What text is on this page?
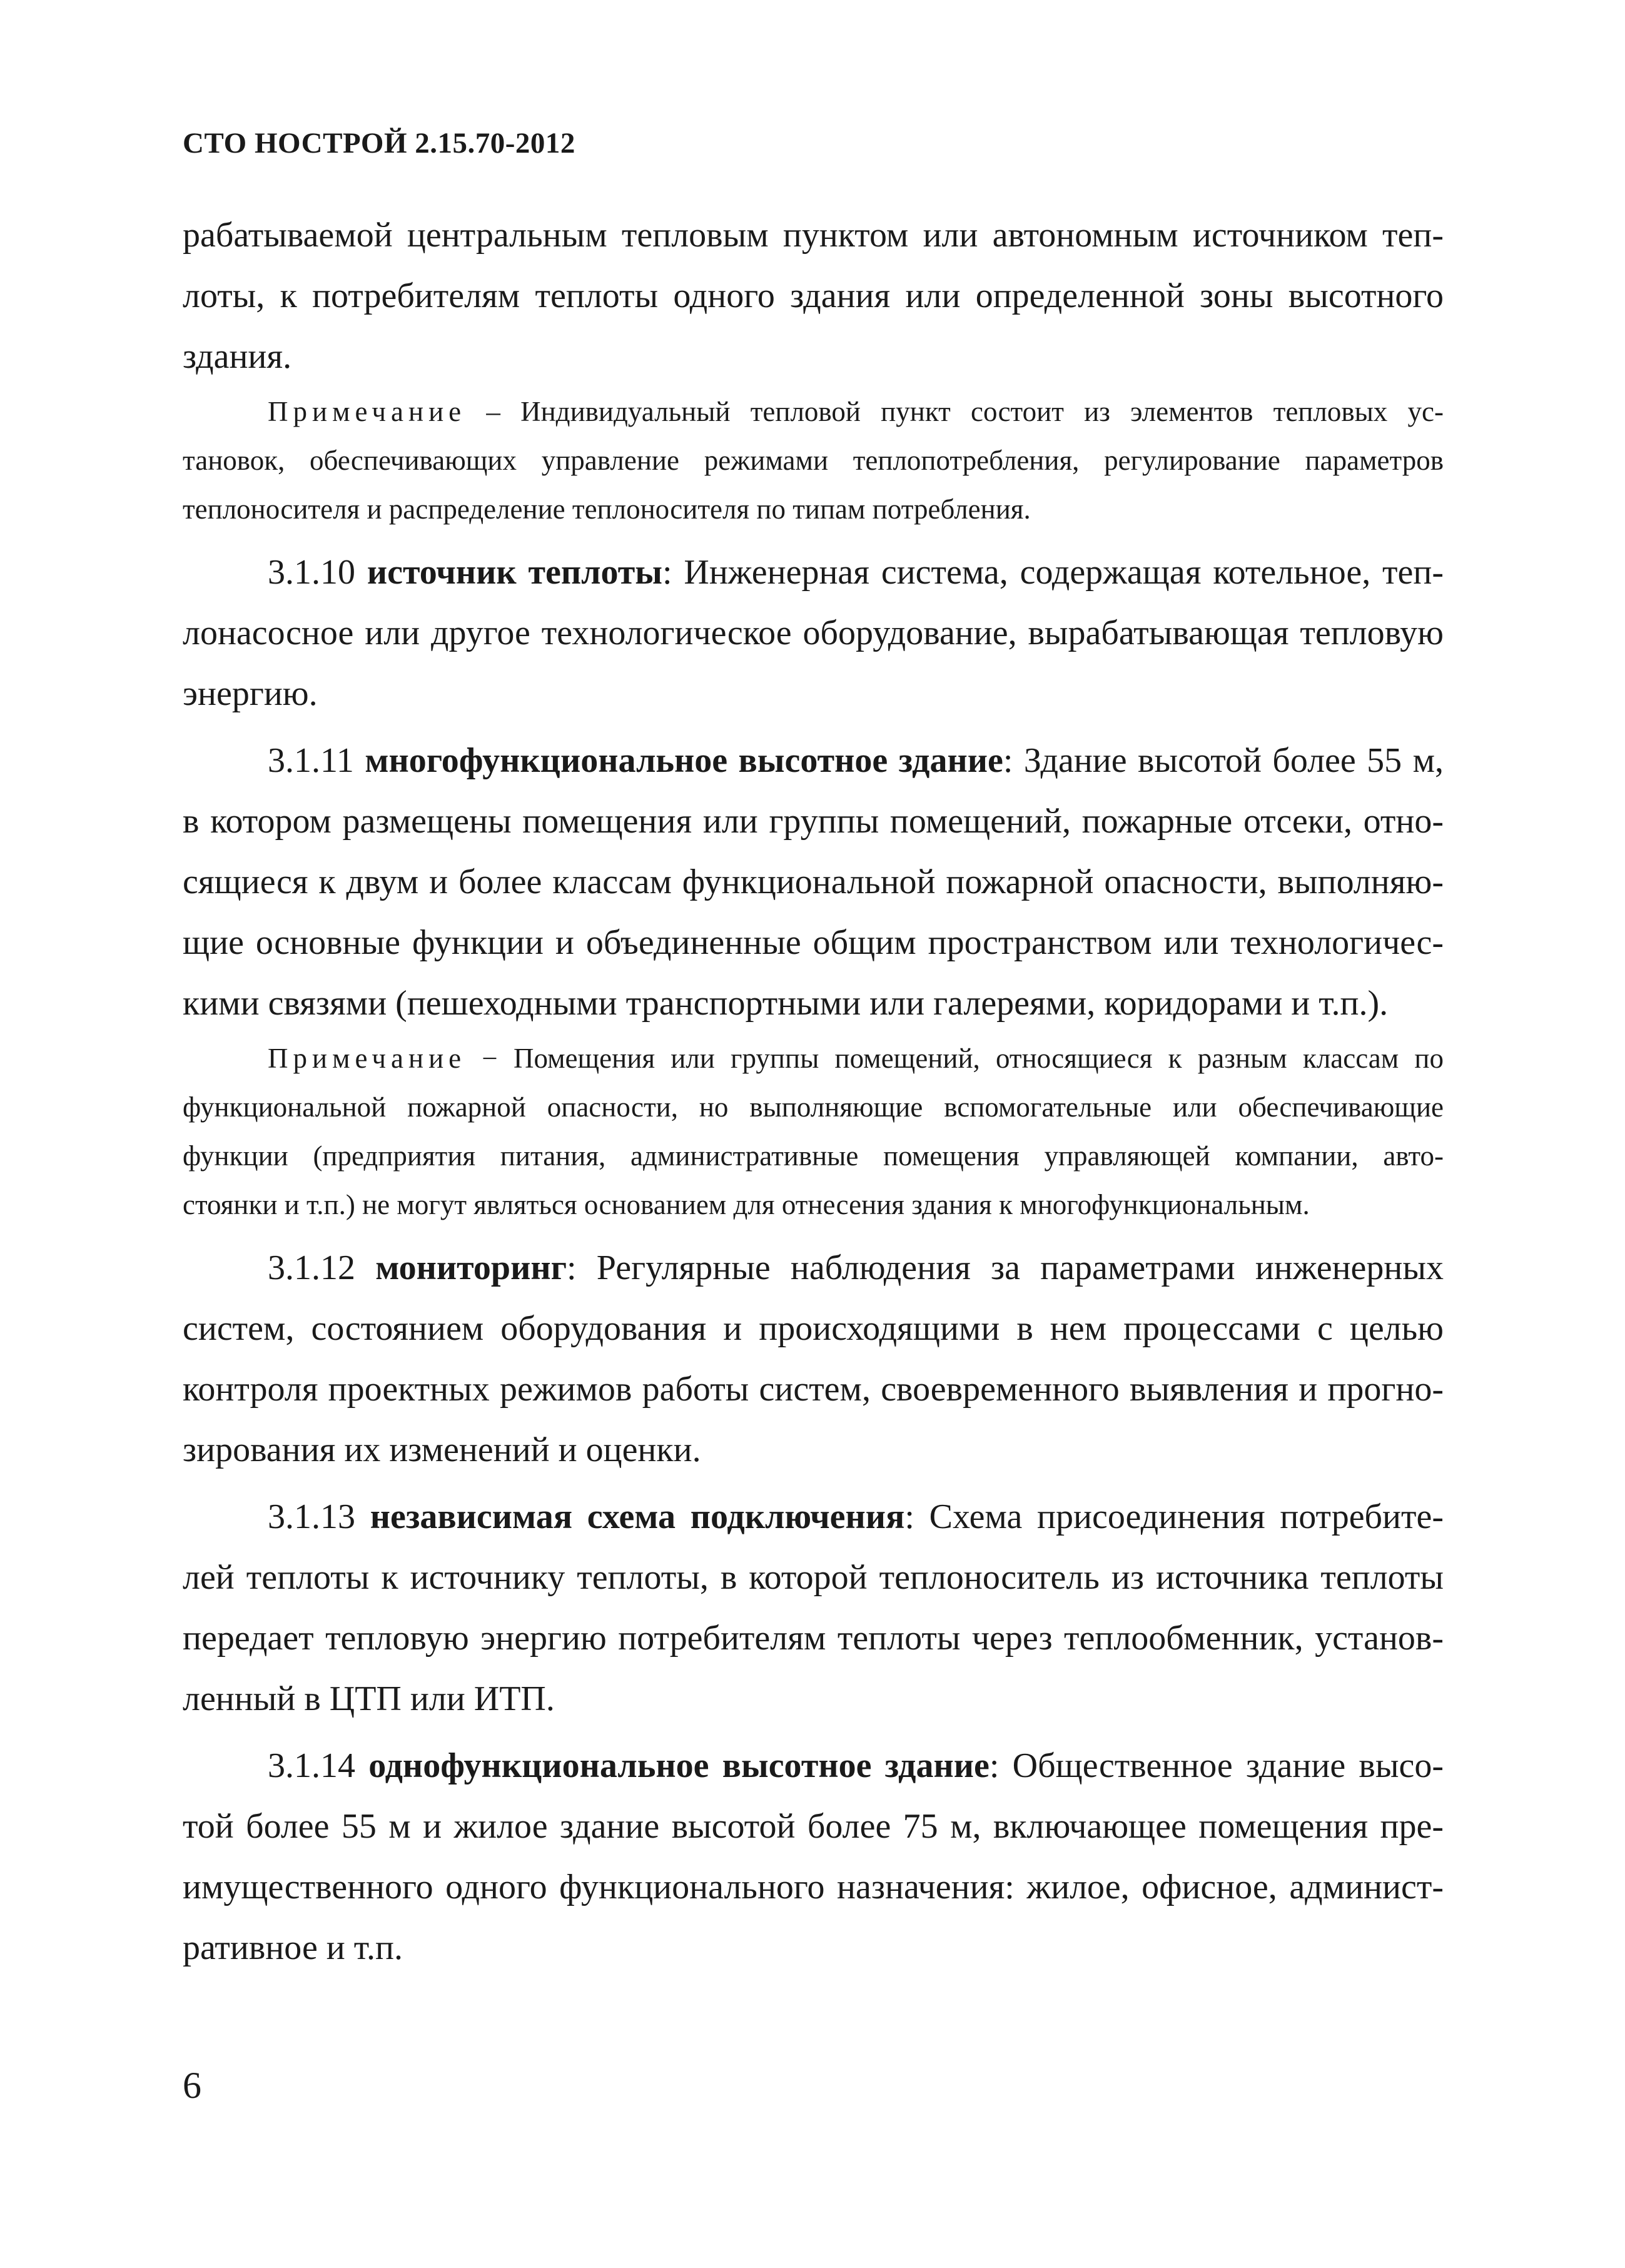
СТО НОСТРОЙ 2.15.70-2012
рабатываемой центральным тепловым пунктом или автономным источником теп-
лоты, к потребителям теплоты одного здания или определенной зоны высотного
здания.
Примечание – Индивидуальный тепловой пункт состоит из элементов тепловых ус-
тановок, обеспечивающих управление режимами теплопотребления, регулирование параметров
теплоносителя и распределение теплоносителя по типам потребления.
3.1.10 источник теплоты: Инженерная система, содержащая котельное, теп-
лонасосное или другое технологическое оборудование, вырабатывающая тепловую
энергию.
3.1.11 многофункциональное высотное здание: Здание высотой более 55 м,
в котором размещены помещения или группы помещений, пожарные отсеки, отно-
сящиеся к двум и более классам функциональной пожарной опасности, выполняю-
щие основные функции и объединенные общим пространством или технологичес-
кими связями (пешеходными транспортными или галереями, коридорами и т.п.).
Примечание − Помещения или группы помещений, относящиеся к разным классам по
функциональной пожарной опасности, но выполняющие вспомогательные или обеспечивающие
функции (предприятия питания, административные помещения управляющей компании, авто-
стоянки и т.п.) не могут являться основанием для отнесения здания к многофункциональным.
3.1.12 мониторинг: Регулярные наблюдения за параметрами инженерных
систем, состоянием оборудования и происходящими в нем процессами с целью
контроля проектных режимов работы систем, своевременного выявления и прогно-
зирования их изменений и оценки.
3.1.13 независимая схема подключения: Схема присоединения потребите-
лей теплоты к источнику теплоты, в которой теплоноситель из источника теплоты
передает тепловую энергию потребителям теплоты через теплообменник, установ-
ленный в ЦТП или ИТП.
3.1.14 однофункциональное высотное здание: Общественное здание высо-
той более 55 м и жилое здание высотой более 75 м, включающее помещения пре-
имущественного одного функционального назначения: жилое, офисное, админист-
ративное и т.п.
6
